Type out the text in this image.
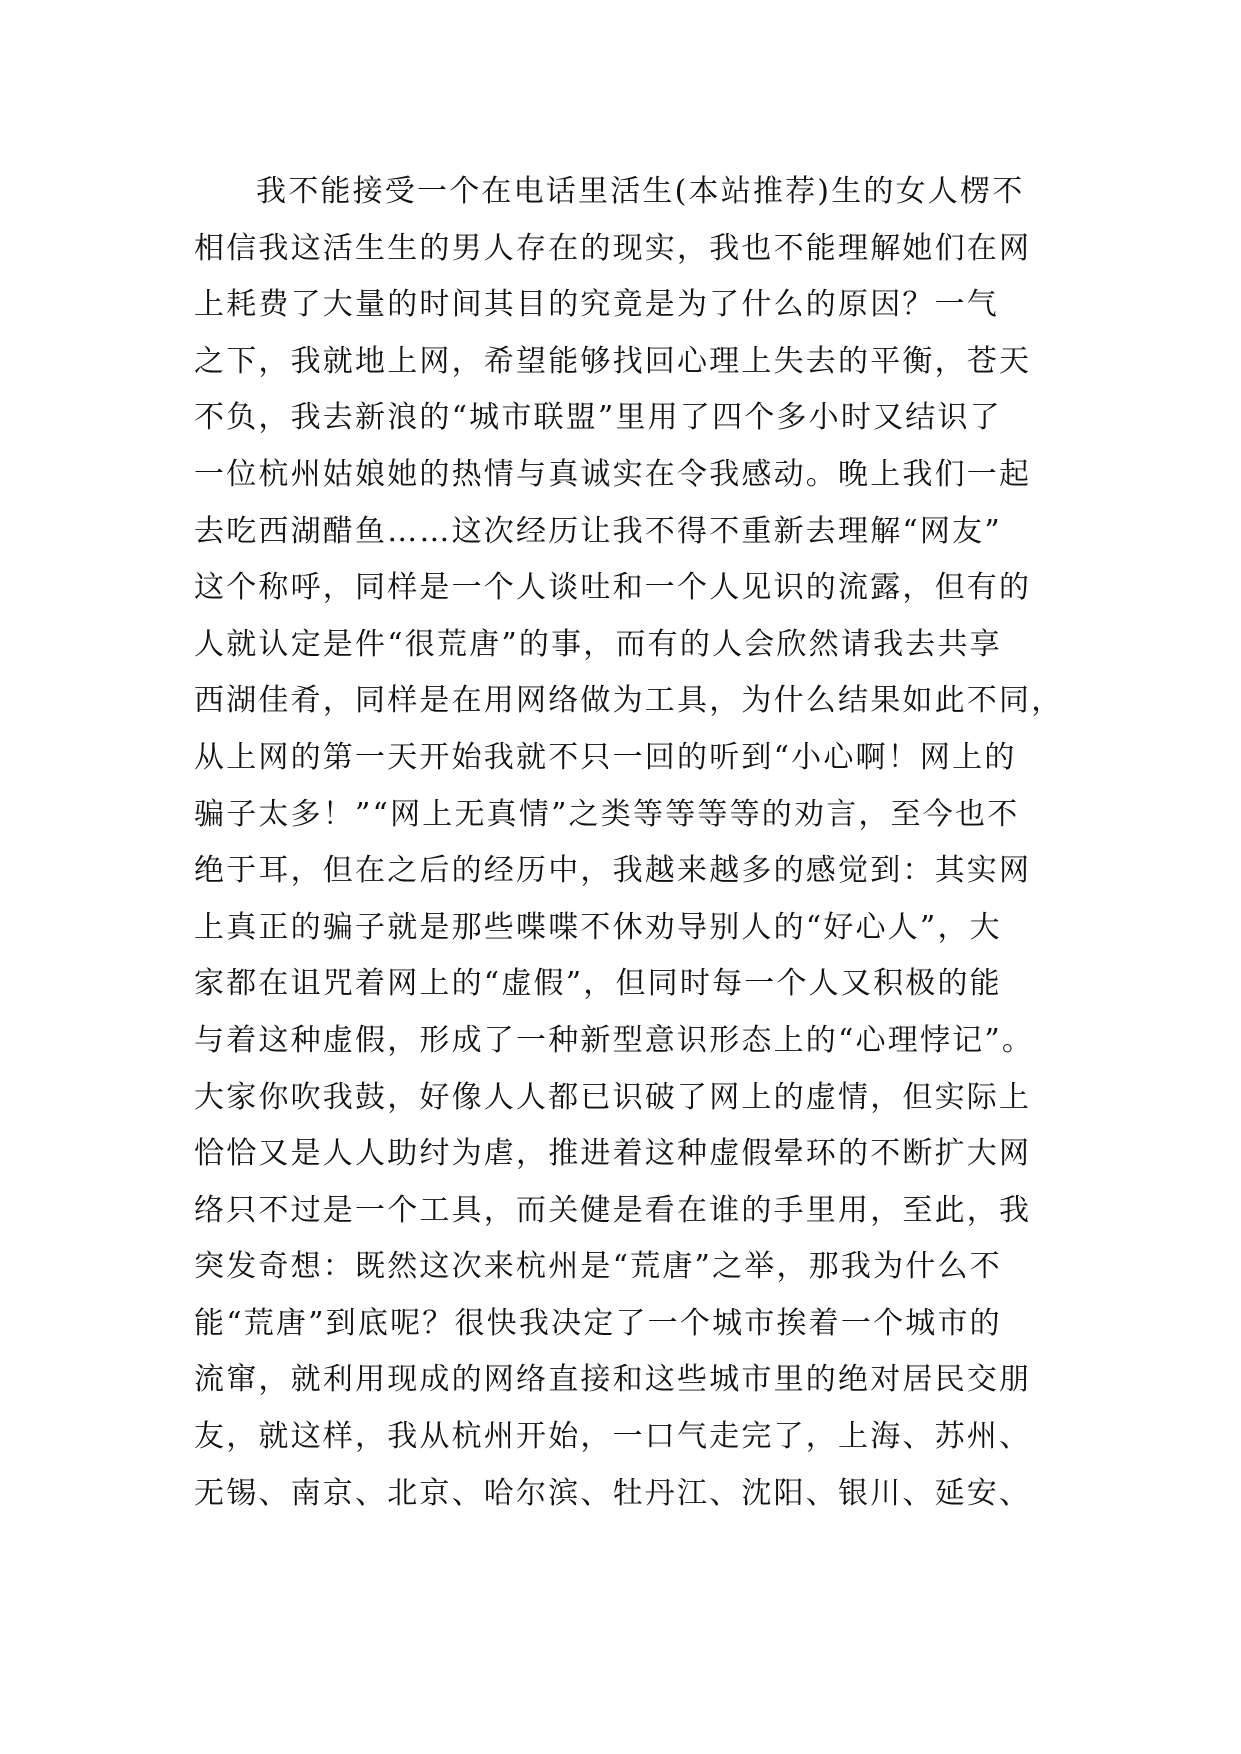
我不能接受一个在电话里活生(本站推荐)生的女人楞不
相信我这活生生的男人存在的现实，我也不能理解她们在网
上耗费了大量的时间其目的究竟是为了什么的原因？一气
之下，我就地上网，希望能够找回心理上失去的平衡，苍天
不负，我去新浪的“城市联盟”里用了四个多小时又结识了
一位杭州姑娘她的热情与真诚实在令我感动。晚上我们一起
去吃西湖醋鱼……这次经历让我不得不重新去理解“网友”
这个称呼，同样是一个人谈吐和一个人见识的流露，但有的
人就认定是件“很荒唐”的事，而有的人会欣然请我去共享
西湖佳肴，同样是在用网络做为工具，为什么结果如此不同，
从上网的第一天开始我就不只一回的听到“小心啊！网上的
骗子太多！”“网上无真情”之类等等等等的劝言，至今也不
绝于耳，但在之后的经历中，我越来越多的感觉到：其实网
上真正的骗子就是那些喋喋不休劝导别人的“好心人”，大
家都在诅咒着网上的“虚假”，但同时每一个人又积极的能
与着这种虚假，形成了一种新型意识形态上的“心理悖记”。
大家你吹我鼓，好像人人都已识破了网上的虚情，但实际上
恰恰又是人人助纣为虐，推进着这种虚假晕环的不断扩大网
络只不过是一个工具，而关健是看在谁的手里用，至此，我
突发奇想：既然这次来杭州是“荒唐”之举，那我为什么不
能“荒唐”到底呢？很快我决定了一个城市挨着一个城市的
流窜，就利用现成的网络直接和这些城市里的绝对居民交朋
友，就这样，我从杭州开始，一口气走完了，上海、苏州、
无锡、南京、北京、哈尔滨、牡丹江、沈阳、银川、延安、
